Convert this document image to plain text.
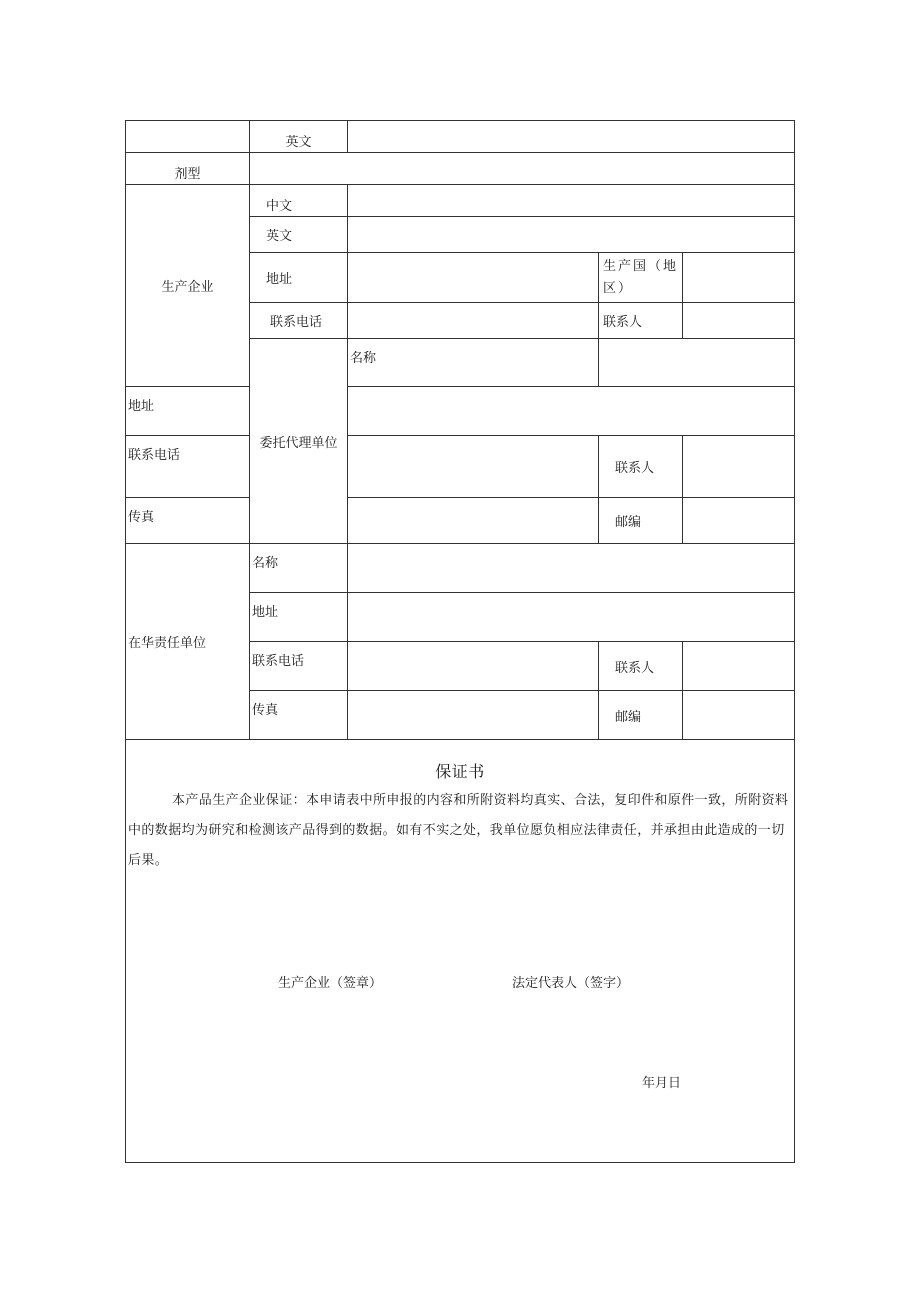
	英文			
剂型				
生产企业	中文			
	英文			
	地址		生产国（地区）	
	联系电话		联系人	
	委托代理单位	名称		
地址				
联系电话			联系人	
传真			邮编	
在华责任单位	名称			
	地址			
	联系电话		联系人	
	传真		邮编	

保证书
本产品生产企业保证：本申请表中所申报的内容和所附资料均真实、合法，复印件和原件一致，所附资料中的数据均为研究和检测该产品得到的数据。如有不实之处，我单位愿负相应法律责任，并承担由此造成的一切后果。
生产企业（签章） 法定代表人（签字）
年月日				
